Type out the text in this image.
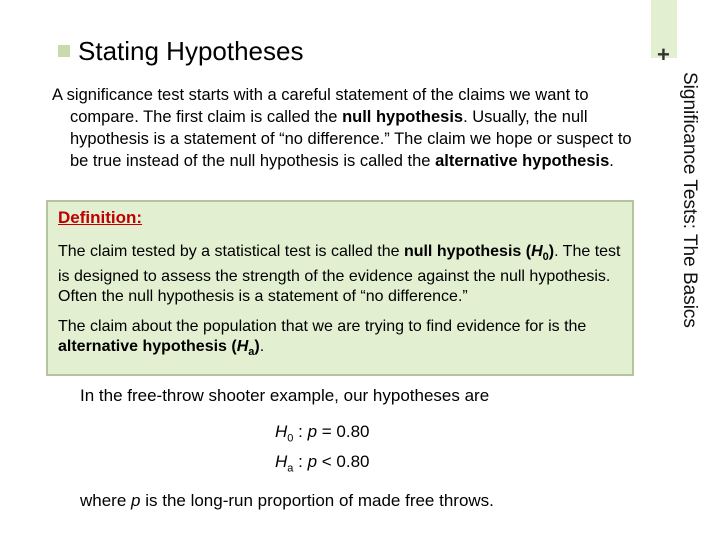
+
Significance Tests: The Basics
Stating Hypotheses

A significance test starts with a careful statement of the claims we want to compare. The first claim is called the null hypothesis. Usually, the null hypothesis is a statement of “no difference.” The claim we hope or suspect to be true instead of the null hypothesis is called the alternative hypothesis.

Definition:

The claim tested by a statistical test is called the null hypothesis $(H_0)$. The test is designed to assess the strength of the evidence against the null hypothesis. Often the null hypothesis is a statement of “no difference.”

The claim about the population that we are trying to find evidence for is the alternative hypothesis $(H_a)$.

In the free-throw shooter example, our hypotheses are

$H_0$ : p = 0.80
$H_a$ : p < 0.80

where p is the long-run proportion of made free throws.
